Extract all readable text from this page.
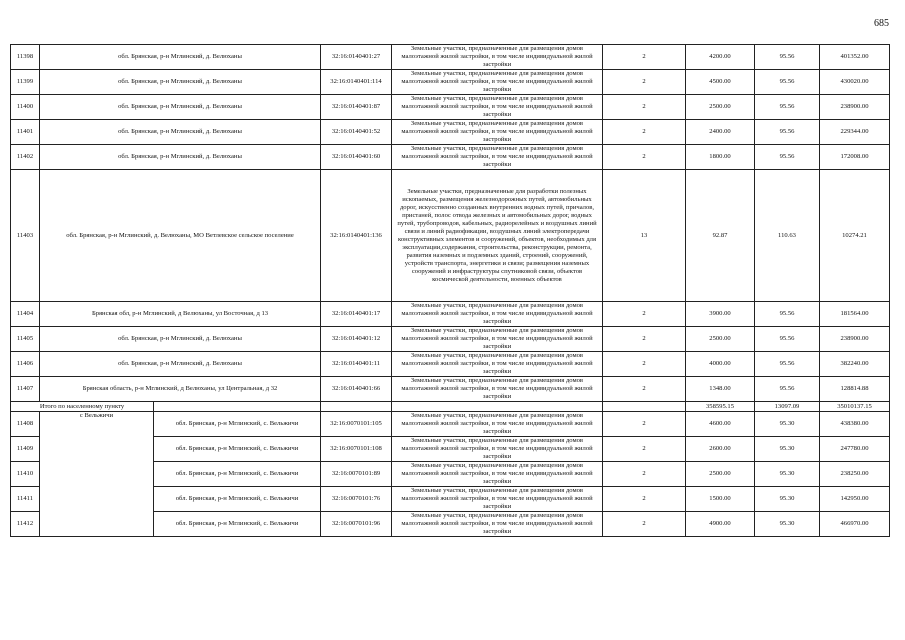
685
11398	обл. Брянская, р-н Мглинский, д. Велюханы		32:16:0140401:27	Земельные участки, предназначенные для размещения домов малоэтажной жилой застройки, в том числе индивидуальной жилой застройки	2	4200.00	95.56	401352.00
11399	обл. Брянская, р-н Мглинский, д. Велюханы		32:16:0140401:114	Земельные участки, предназначенные для размещения домов малоэтажной жилой застройки, в том числе индивидуальной жилой застройки	2	4500.00	95.56	430020.00
11400	обл. Брянская, р-н Мглинский, д. Велюханы		32:16:0140401:87	Земельные участки, предназначенные для размещения домов малоэтажной жилой застройки, в том числе индивидуальной жилой застройки	2	2500.00	95.56	238900.00
11401	обл. Брянская, р-н Мглинский, д. Велюханы		32:16:0140401:52	Земельные участки, предназначенные для размещения домов малоэтажной жилой застройки, в том числе индивидуальной жилой застройки	2	2400.00	95.56	229344.00
11402	обл. Брянская, р-н Мглинский, д. Велюханы		32:16:0140401:60	Земельные участки, предназначенные для размещения домов малоэтажной жилой застройки, в том числе индивидуальной жилой застройки	2	1800.00	95.56	172008.00
11403	обл. Брянская, р-н Мглинский, д. Велюханы, МО Ветлевское сельское поселение		32:16:0140401:136	Земельные участки, предназначенные для разработки полезных ископаемых, размещения железнодорожных путей, автомобильных дорог, искусственно созданных внутренних водных путей, причалов, пристаней, полос отвода железных и автомобильных дорог, водных путей, трубопроводов, кабельных, радиорелейных и воздушных линий связи и линий радиофикации, воздушных линий электропередачи конструктивных элементов и сооружений, объектов, необходимых для эксплуатации,содержания, строительства, реконструкции, ремонта, развития наземных и подземных зданий, строений, сооружений, устройств транспорта, энергетики и связи; размещения наземных сооружений и инфраструктуры спутниковой связи, объектов космической деятельности, военных объектов	13	92.87	110.63	10274.21
11404	Брянская обл, р-н Мглинский, д Велюханы, ул Восточная, д 13		32:16:0140401:17	Земельные участки, предназначенные для размещения домов малоэтажной жилой застройки, в том числе индивидуальной жилой застройки	2	3900.00	95.56	181564.00
11405	обл. Брянская, р-н Мглинский, д. Велюханы		32:16:0140401:12	Земельные участки, предназначенные для размещения домов малоэтажной жилой застройки, в том числе индивидуальной жилой застройки	2	2500.00	95.56	238900.00
11406	обл. Брянская, р-н Мглинский, д. Велюханы		32:16:0140401:11	Земельные участки, предназначенные для размещения домов малоэтажной жилой застройки, в том числе индивидуальной жилой застройки	2	4000.00	95.56	382240.00
11407	Брянская область, р-н Мглинский, д Велюханы, ул Центральная, д 32		32:16:0140401:66	Земельные участки, предназначенные для размещения домов малоэтажной жилой застройки, в том числе индивидуальной жилой застройки	2	1348.00	95.56	128814.88
Итого по населенному пункту						358595.15	13097.09	35010137.15
11408	с Вельжичи	обл. Брянская, р-н Мглинский, с. Вельжичи	32:16:0070101:105	Земельные участки, предназначенные для размещения домов малоэтажной жилой застройки, в том числе индивидуальной жилой застройки	2	4600.00	95.30	438380.00
11409		обл. Брянская, р-н Мглинский, с. Вельжичи	32:16:0070101:108	Земельные участки, предназначенные для размещения домов малоэтажной жилой застройки, в том числе индивидуальной жилой застройки	2	2600.00	95.30	247780.00
11410		обл. Брянская, р-н Мглинский, с. Вельжичи	32:16:0070101:89	Земельные участки, предназначенные для размещения домов малоэтажной жилой застройки, в том числе индивидуальной жилой застройки	2	2500.00	95.30	238250.00
11411		обл. Брянская, р-н Мглинский, с. Вельжичи	32:16:0070101:76	Земельные участки, предназначенные для размещения домов малоэтажной жилой застройки, в том числе индивидуальной жилой застройки	2	1500.00	95.30	142950.00
11412		обл. Брянская, р-н Мглинский, с. Вельжичи	32:16:0070101:96	Земельные участки, предназначенные для размещения домов малоэтажной жилой застройки, в том числе индивидуальной жилой застройки	2	4900.00	95.30	466970.00
